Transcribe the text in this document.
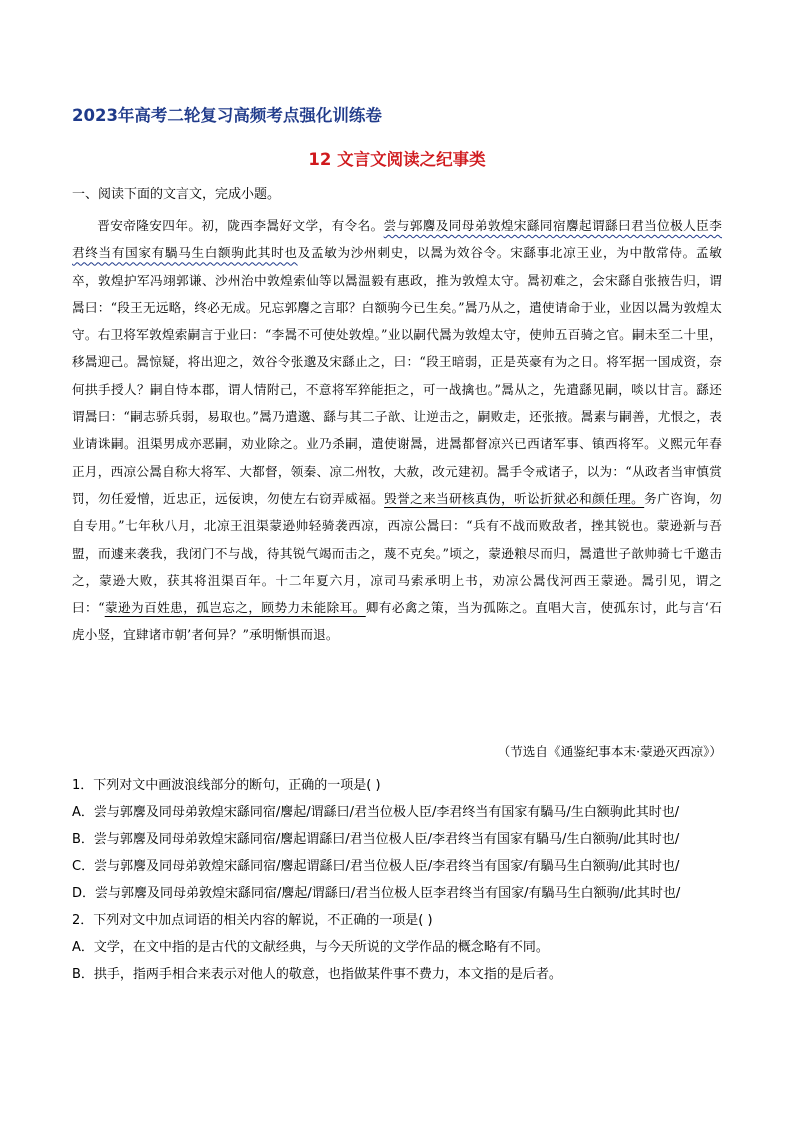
2023年高考二轮复习高频考点强化训练卷
12 文言文阅读之纪事类
一、阅读下面的文言文，完成小题。

晋安帝隆安四年。初，陇西李暠好文学，有令名。尝与郭麐及同母弟敦煌宋繇同宿麐起谓繇曰君当位极人臣李君终当有国家有騧马生白额驹此其时也及孟敏为沙州刺史，以暠为效谷令。宋繇事北凉王业，为中散常侍。孟敏卒，敦煌护军冯翊郭谦、沙州治中敦煌索仙等以暠温毅有惠政，推为敦煌太守。暠初难之，会宋繇自张掖告归，谓暠曰：“段王无远略，终必无成。兄忘郭麐之言耶？白额驹今已生矣。”暠乃从之，遣使请命于业，业因以暠为敦煌太守。右卫将军敦煌索嗣言于业曰：“李暠不可使处敦煌。”业以嗣代暠为敦煌太守，使帅五百骑之官。嗣未至二十里，移暠迎己。暠惊疑，将出迎之，效谷令张邈及宋繇止之，曰：“段王暗弱，正是英豪有为之日。将军据一国成资，奈何拱手授人？嗣自恃本郡，谓人情附己，不意将军猝能拒之，可一战擒也。”暠从之，先遣繇见嗣，啖以甘言。繇还谓暠曰：“嗣志骄兵弱，易取也。”暠乃遣邈、繇与其二子歆、让逆击之，嗣败走，还张掖。暠素与嗣善，尤恨之，表业请诛嗣。沮渠男成亦恶嗣，劝业除之。业乃杀嗣，遣使谢暠，进暠都督凉兴已西诸军事、镇西将军。义熙元年春正月，西凉公暠自称大将军、大都督，领秦、凉二州牧，大赦，改元建初。暠手令戒诸子，以为：“从政者当审慎赏罚，勿任爱憎，近忠正，远佞谀，勿使左右窃弄威福。毁誉之来当研核真伪，听讼折狱必和颜任理。务广咨询，勿自专用。”七年秋八月，北凉王沮渠蒙逊帅轻骑袭西凉，西凉公暠曰：“兵有不战而败敌者，挫其锐也。蒙逊新与吾盟，而遽来袭我，我闭门不与战，待其锐气竭而击之，蔑不克矣。”顷之，蒙逊粮尽而归，暠遣世子歆帅骑七千邀击之，蒙逊大败，获其将沮渠百年。十二年夏六月，凉司马索承明上书，劝凉公暠伐河西王蒙逊。暠引见，谓之曰：“蒙逊为百姓患，孤岂忘之，顾势力未能除耳。卿有必禽之策，当为孤陈之。直唱大言，使孤东讨，此与言‘石虎小竖，宜肆诸市朝’者何异？”承明惭惧而退。

（节选自《通鉴纪事本末·蒙逊灭西凉》）
1．下列对文中画波浪线部分的断句，正确的一项是( )
A．尝与郭麐及同母弟敦煌宋繇同宿/麐起/谓繇曰/君当位极人臣/李君终当有国家有騧马/生白额驹此其时也/
B．尝与郭麐及同母弟敦煌宋繇同宿/麐起谓繇曰/君当位极人臣/李君终当有国家有騧马/生白额驹/此其时也/
C．尝与郭麐及同母弟敦煌宋繇同宿/麐起谓繇曰/君当位极人臣/李君终当有国家/有騧马生白额驹/此其时也/
D．尝与郭麐及同母弟敦煌宋繇同宿/麐起/谓繇曰/君当位极人臣李君终当有国家/有騧马生白额驹/此其时也/
2．下列对文中加点词语的相关内容的解说，不正确的一项是( )
A．文学，在文中指的是古代的文献经典，与今天所说的文学作品的概念略有不同。
B．拱手，指两手相合来表示对他人的敬意，也指做某件事不费力，本文指的是后者。
